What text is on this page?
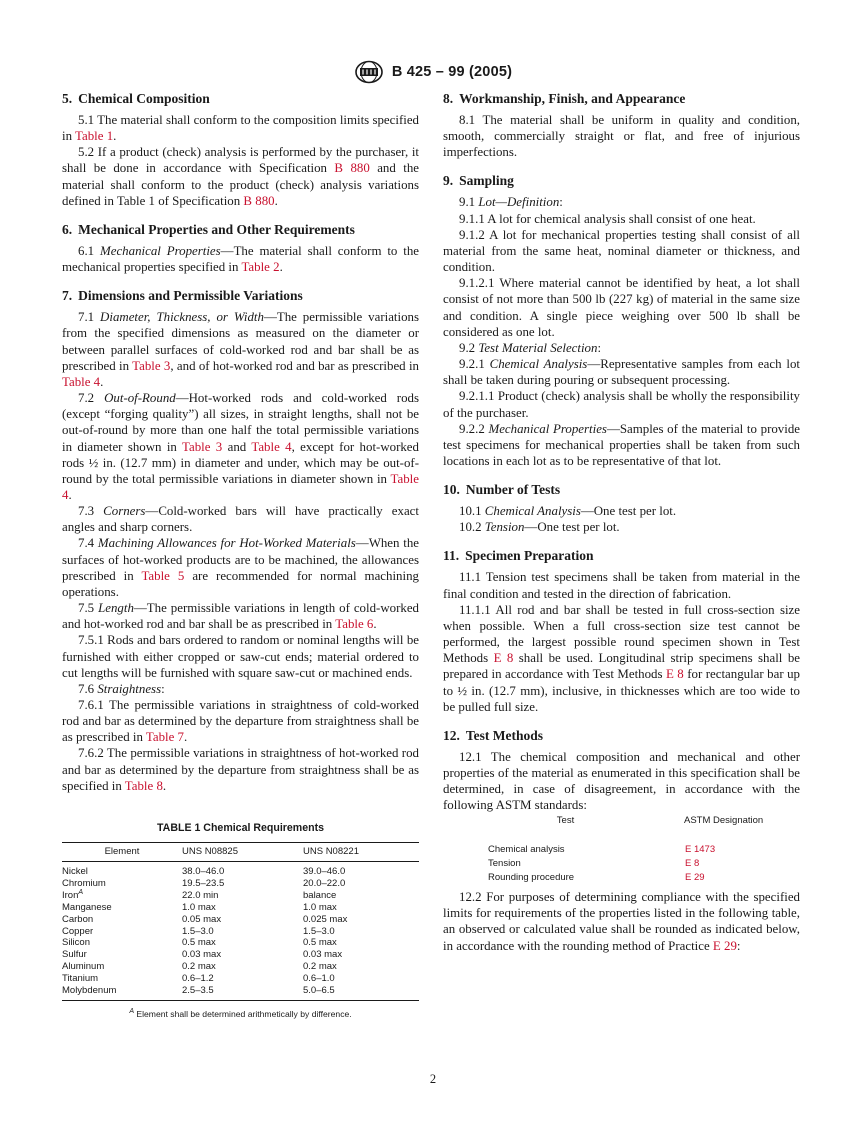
B 425 – 99 (2005)
5. Chemical Composition

5.1 The material shall conform to the composition limits specified in Table 1.

5.2 If a product (check) analysis is performed by the purchaser, it shall be done in accordance with Specification B 880 and the material shall conform to the product (check) analysis variations defined in Table 1 of Specification B 880.

6. Mechanical Properties and Other Requirements

6.1 Mechanical Properties—The material shall conform to the mechanical properties specified in Table 2.

7. Dimensions and Permissible Variations

7.1 Diameter, Thickness, or Width—The permissible variations from the specified dimensions as measured on the diameter or between parallel surfaces of cold-worked rod and bar shall be as prescribed in Table 3, and of hot-worked rod and bar as prescribed in Table 4.

7.2 Out-of-Round—Hot-worked rods and cold-worked rods (except “forging quality”) all sizes, in straight lengths, shall not be out-of-round by more than one half the total permissible variations in diameter shown in Table 3 and Table 4, except for hot-worked rods ½ in. (12.7 mm) in diameter and under, which may be out-of-round by the total permissible variations in diameter shown in Table 4.

7.3 Corners—Cold-worked bars will have practically exact angles and sharp corners.

7.4 Machining Allowances for Hot-Worked Materials—When the surfaces of hot-worked products are to be machined, the allowances prescribed in Table 5 are recommended for normal machining operations.

7.5 Length—The permissible variations in length of cold-worked and hot-worked rod and bar shall be as prescribed in Table 6.

7.5.1 Rods and bars ordered to random or nominal lengths will be furnished with either cropped or saw-cut ends; material ordered to cut lengths will be furnished with square saw-cut or machined ends.

7.6 Straightness:

7.6.1 The permissible variations in straightness of cold-worked rod and bar as determined by the departure from straightness shall be as prescribed in Table 7.

7.6.2 The permissible variations in straightness of hot-worked rod and bar as determined by the departure from straightness shall be as specified in Table 8.

TABLE 1 Chemical Requirements
Element	UNS N08825	UNS N08221
Nickel	38.0–46.0	39.0–46.0
Chromium	19.5–23.5	20.0–22.0
Iron$^A$	22.0 min	balance
Manganese	1.0 max	1.0 max
Carbon	0.05 max	0.025 max
Copper	1.5–3.0	1.5–3.0
Silicon	0.5 max	0.5 max
Sulfur	0.03 max	0.03 max
Aluminum	0.2 max	0.2 max
Titanium	0.6–1.2	0.6–1.0
Molybdenum	2.5–3.5	5.0–6.5
$^A$ Element shall be determined arithmetically by difference.
8. Workmanship, Finish, and Appearance

8.1 The material shall be uniform in quality and condition, smooth, commercially straight or flat, and free of injurious imperfections.

9. Sampling

9.1 Lot—Definition:

9.1.1 A lot for chemical analysis shall consist of one heat.

9.1.2 A lot for mechanical properties testing shall consist of all material from the same heat, nominal diameter or thickness, and condition.

9.1.2.1 Where material cannot be identified by heat, a lot shall consist of not more than 500 lb (227 kg) of material in the same size and condition. A single piece weighing over 500 lb shall be considered as one lot.

9.2 Test Material Selection:

9.2.1 Chemical Analysis—Representative samples from each lot shall be taken during pouring or subsequent processing.

9.2.1.1 Product (check) analysis shall be wholly the responsibility of the purchaser.

9.2.2 Mechanical Properties—Samples of the material to provide test specimens for mechanical properties shall be taken from such locations in each lot as to be representative of that lot.

10. Number of Tests

10.1 Chemical Analysis—One test per lot.

10.2 Tension—One test per lot.

11. Specimen Preparation

11.1 Tension test specimens shall be taken from material in the final condition and tested in the direction of fabrication.

11.1.1 All rod and bar shall be tested in full cross-section size when possible. When a full cross-section size test cannot be performed, the largest possible round specimen shown in Test Methods E 8 shall be used. Longitudinal strip specimens shall be prepared in accordance with Test Methods E 8 for rectangular bar up to ½ in. (12.7 mm), inclusive, in thicknesses which are too wide to be pulled full size.

12. Test Methods

12.1 The chemical composition and mechanical and other properties of the material as enumerated in this specification shall be determined, in case of disagreement, in accordance with the following ASTM standards:

Test	ASTM Designation
Chemical analysis	E 1473
Tension	E 8
Rounding procedure	E 29

12.2 For purposes of determining compliance with the specified limits for requirements of the properties listed in the following table, an observed or calculated value shall be rounded as indicated below, in accordance with the rounding method of Practice E 29:

2
